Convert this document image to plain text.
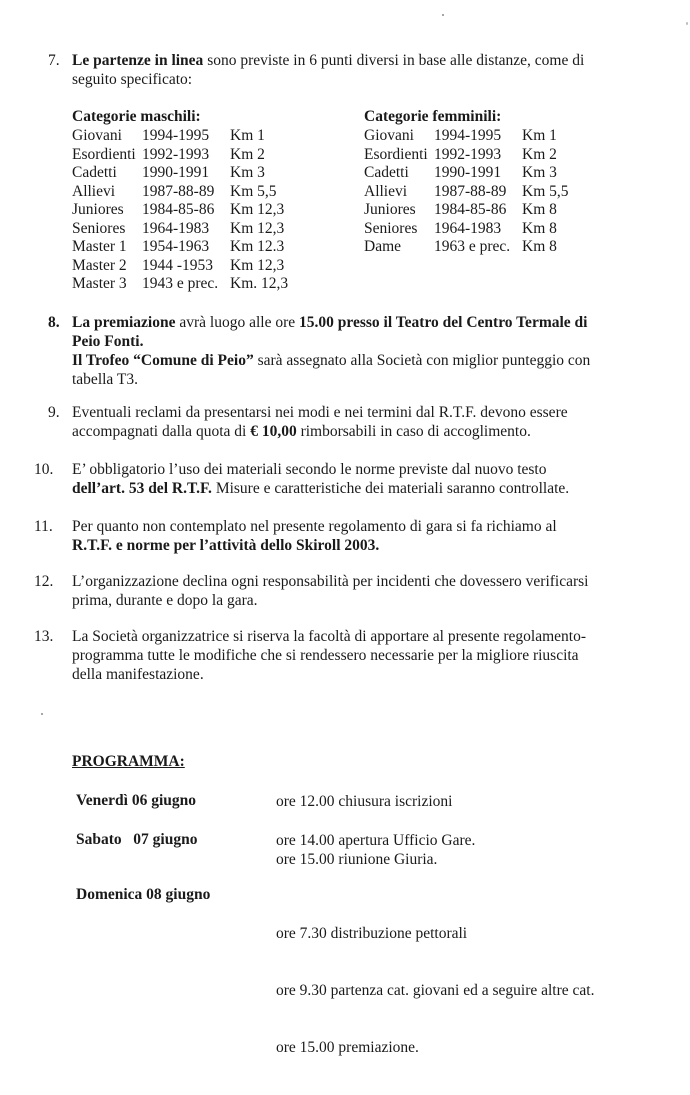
7. Le partenze in linea sono previste in 6 punti diversi in base alle distanze, come di

seguito specificato:

Categorie maschili:
Giovani 1994-1995 Km 1
Esordienti 1992-1993 Km 2
Cadetti 1990-1991 Km 3
Allievi 1987-88-89 Km 5,5
Juniores 1984-85-86 Km 12,3
Seniores 1964-1983 Km 12,3
Master 1 1954-1963 Km 12.3
Master 2 1944 -1953 Km 12,3
Master 3 1943 e prec. Km. 12,3
Categorie femminili:
Giovani 1994-1995 Km 1
Esordienti 1992-1993 Km 2
Cadetti 1990-1991 Km 3
Allievi 1987-88-89 Km 5,5
Juniores 1984-85-86 Km 8
Seniores 1964-1983 Km 8
Dame 1963 e prec. Km 8
8. La premiazione avrà luogo alle ore 15.00 presso il Teatro del Centro Termale di

Peio Fonti.

Il Trofeo “Comune di Peio” sarà assegnato alla Società con miglior punteggio con

tabella T3.

9. Eventuali reclami da presentarsi nei modi e nei termini dal R.T.F. devono essere

accompagnati dalla quota di € 10,00 rimborsabili in caso di accoglimento.

10. E’ obbligatorio l’uso dei materiali secondo le norme previste dal nuovo testo

dell’art. 53 del R.T.F. Misure e caratteristiche dei materiali saranno controllate.

11. Per quanto non contemplato nel presente regolamento di gara si fa richiamo al

R.T.F. e norme per l’attività dello Skiroll 2003.

12. L’organizzazione declina ogni responsabilità per incidenti che dovessero verificarsi

prima, durante e dopo la gara.

13. La Società organizzatrice si riserva la facoltà di apportare al presente regolamento-

programma tutte le modifiche che si rendessero necessarie per la migliore riuscita

della manifestazione.

PROGRAMMA:
Venerdì 06 giugno	ore 12.00 chiusura iscrizioni
Sabato   07 giugno	ore 14.00 apertura Ufficio Gare.
ore 15.00 riunione Giuria.
Domenica 08 giugno

ore 7.30 distribuzione pettorali

ore 9.30 partenza cat. giovani ed a seguire altre cat.

ore 15.00 premiazione.
